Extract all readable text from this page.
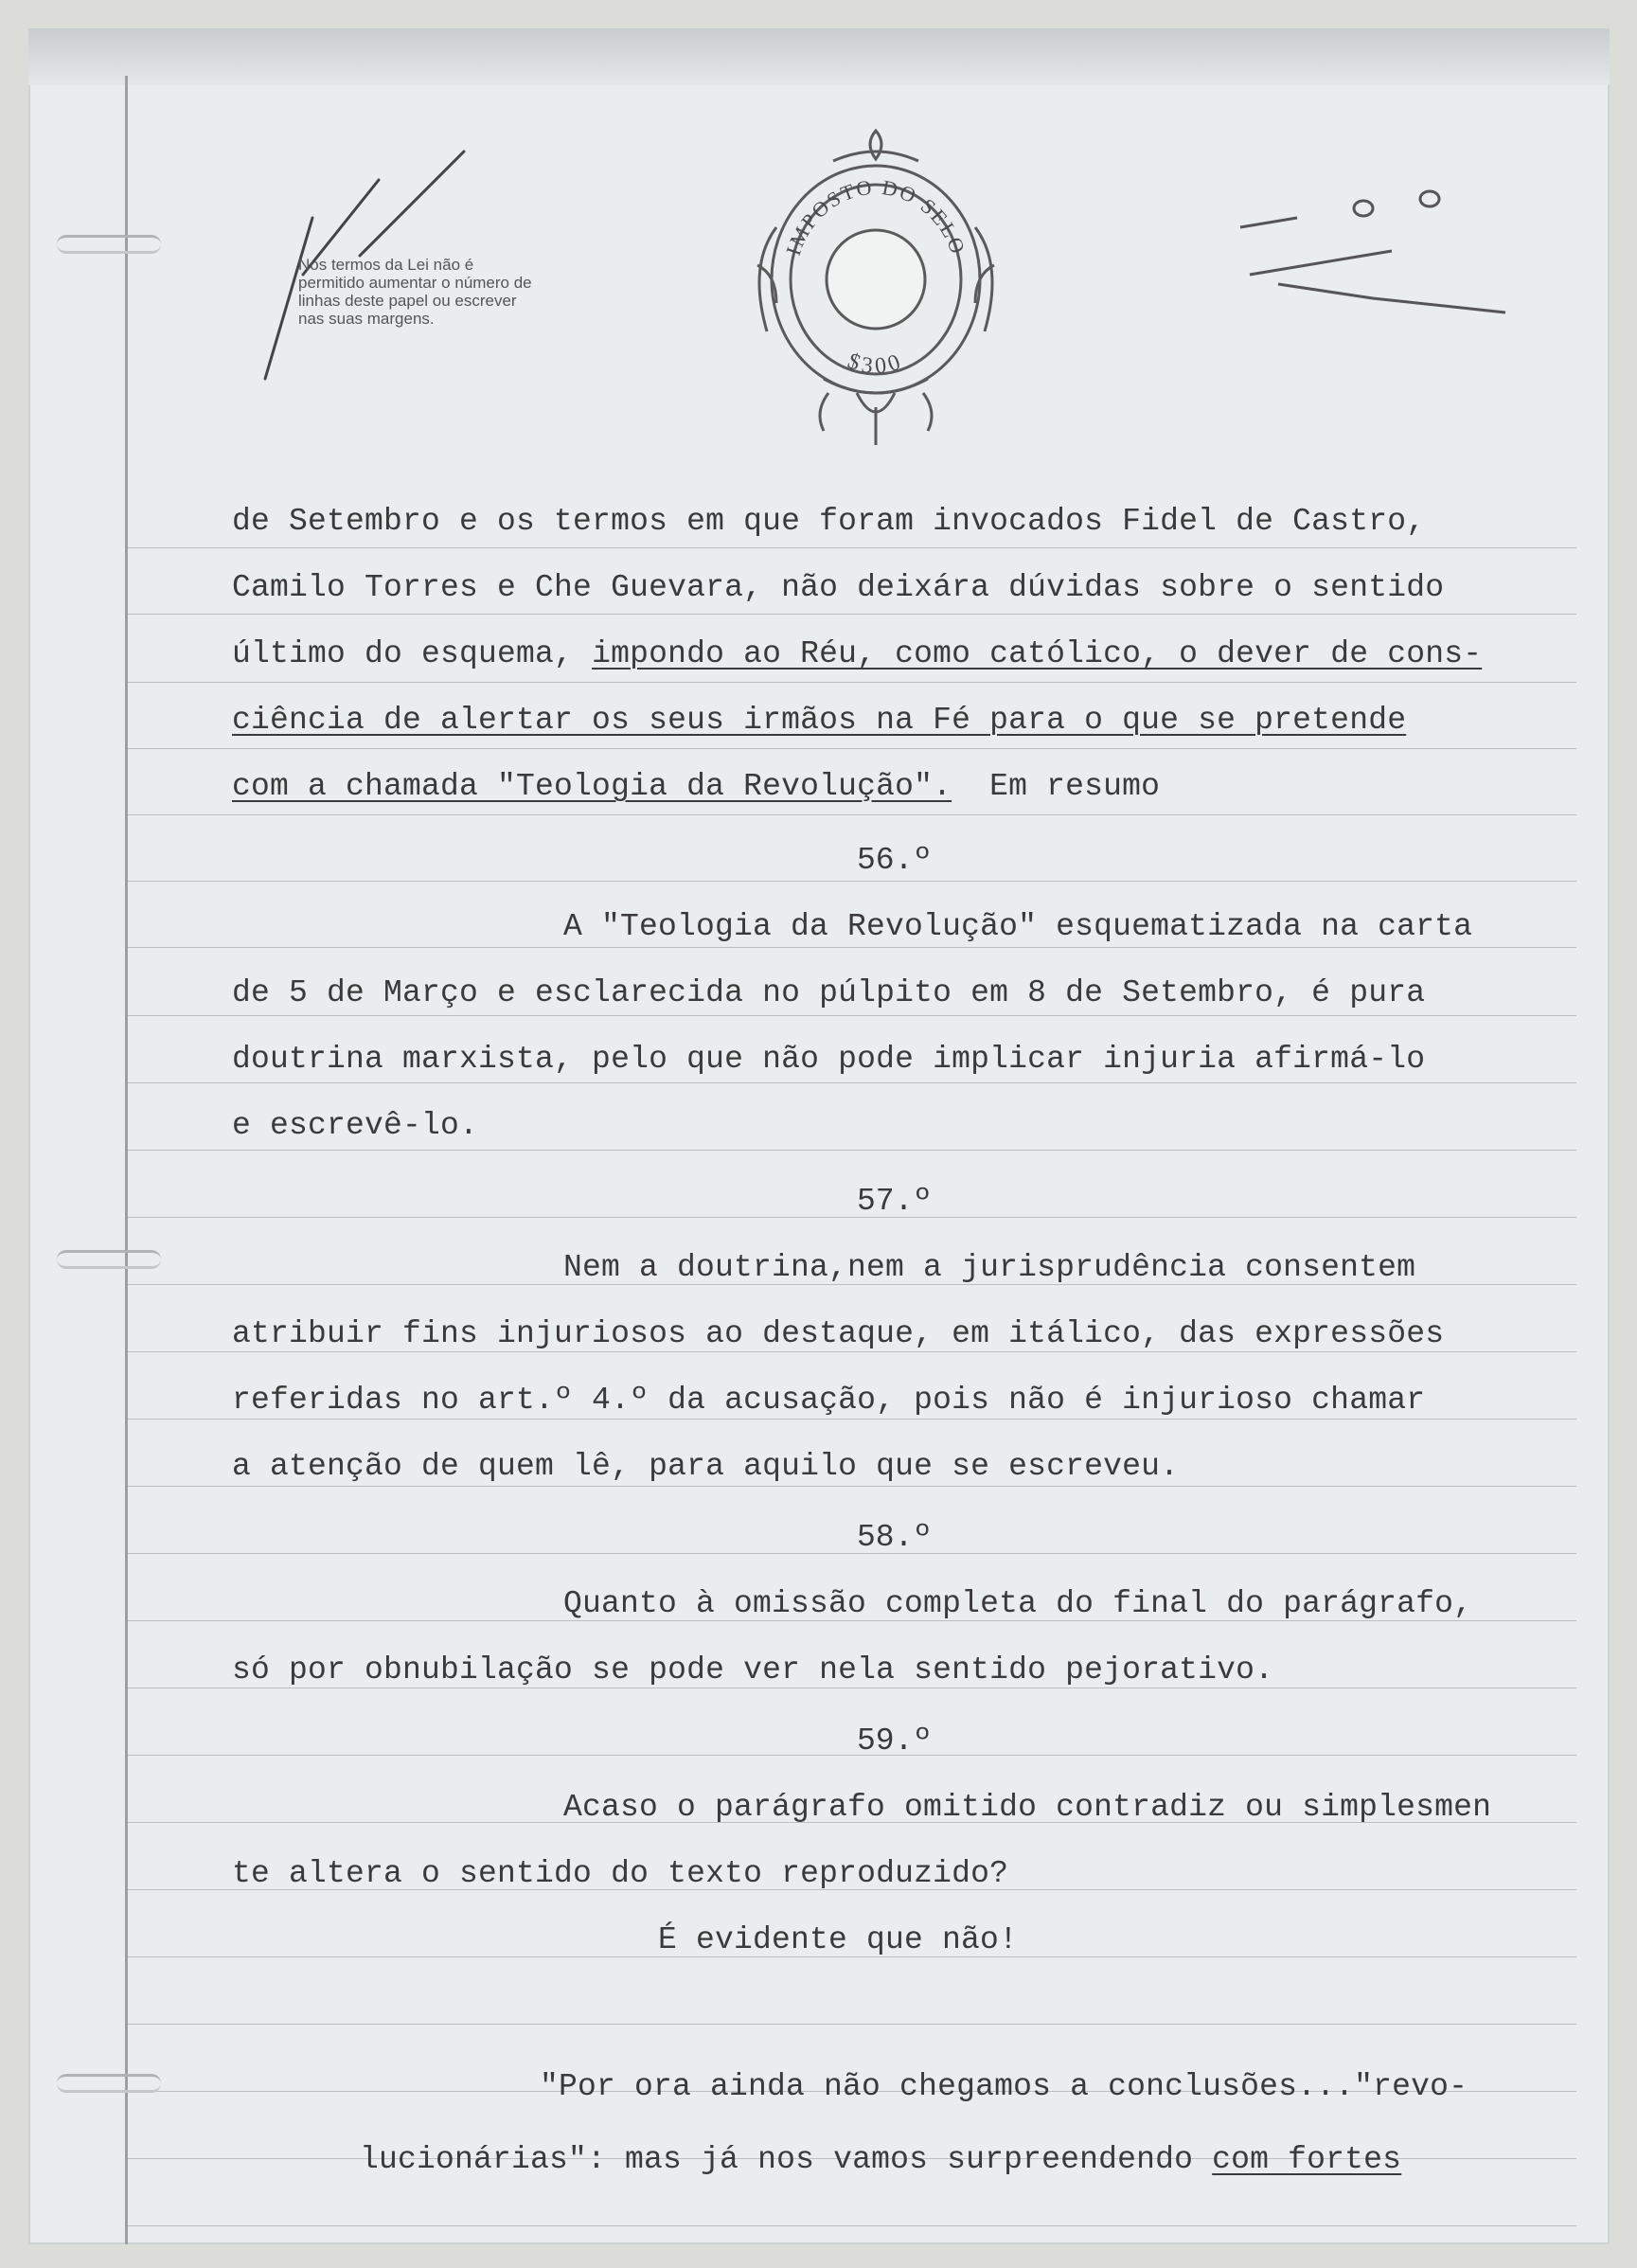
Nos termos da Lei não é permitido aumentar o número de linhas deste papel ou escrever nas suas margens.
IMPOSTO DO SELO
$300
de Setembro e os termos em que foram invocados Fidel de Castro,
Camilo Torres e Che Guevara, não deixára dúvidas sobre o sentido
último do esquema, impondo ao Réu, como católico, o dever de cons-
ciência de alertar os seus irmãos na Fé para o que se pretende
com a chamada "Teologia da Revolução".  Em resumo
56.º
A "Teologia da Revolução" esquematizada na carta
de 5 de Março e esclarecida no púlpito em 8 de Setembro, é pura
doutrina marxista, pelo que não pode implicar injuria afirmá-lo
e escrevê-lo.
57.º
Nem a doutrina,nem a jurisprudência consentem
atribuir fins injuriosos ao destaque, em itálico, das expressões
referidas no art.º 4.º da acusação, pois não é injurioso chamar
a atenção de quem lê, para aquilo que se escreveu.
58.º
Quanto à omissão completa do final do parágrafo,
só por obnubilação se pode ver nela sentido pejorativo.
59.º
Acaso o parágrafo omitido contradiz ou simplesmen
te altera o sentido do texto reproduzido?
É evidente que não!
"Por ora ainda não chegamos a conclusões..."revo-
lucionárias": mas já nos vamos surpreendendo com fortes
